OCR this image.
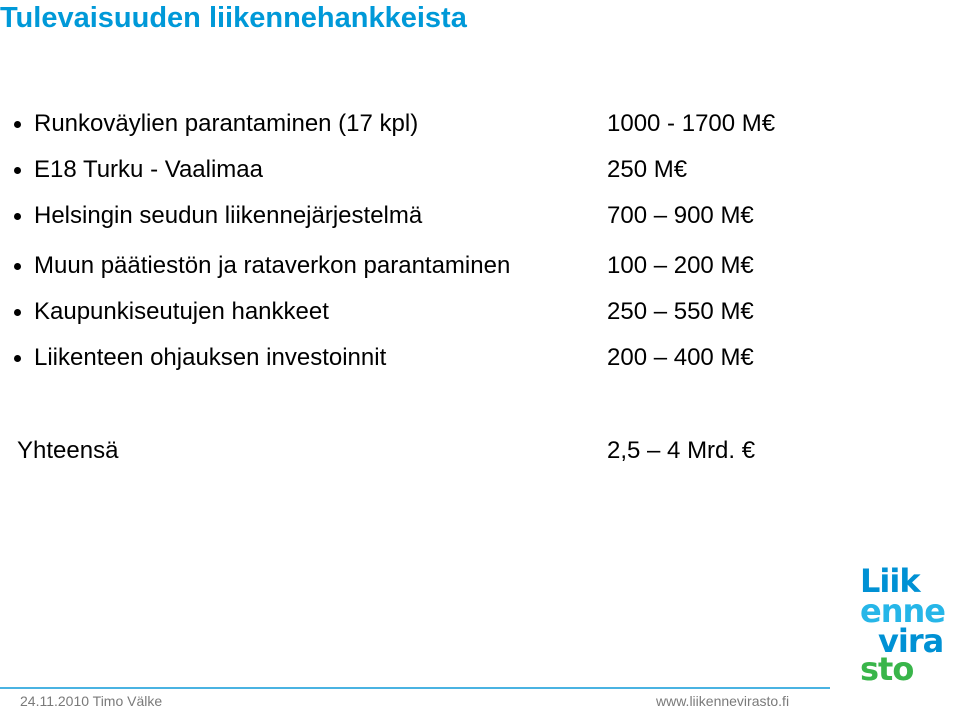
Tulevaisuuden liikennehankkeista
Runkoväylien parantaminen (17 kpl)	1000 - 1700 M€
E18 Turku - Vaalimaa	250 M€
Helsingin seudun liikennejärjestelmä	700 – 900 M€
Muun päätiestön ja rataverkon parantaminen	100 – 200 M€
Kaupunkiseutujen hankkeet	250 – 550 M€
Liikenteen ohjauksen investoinnit	200 – 400 M€
Yhteensä	2,5 – 4 Mrd. €
Liik
enne
vira
sto
24.11.2010 Timo Välke	www.liikennevirasto.fi
